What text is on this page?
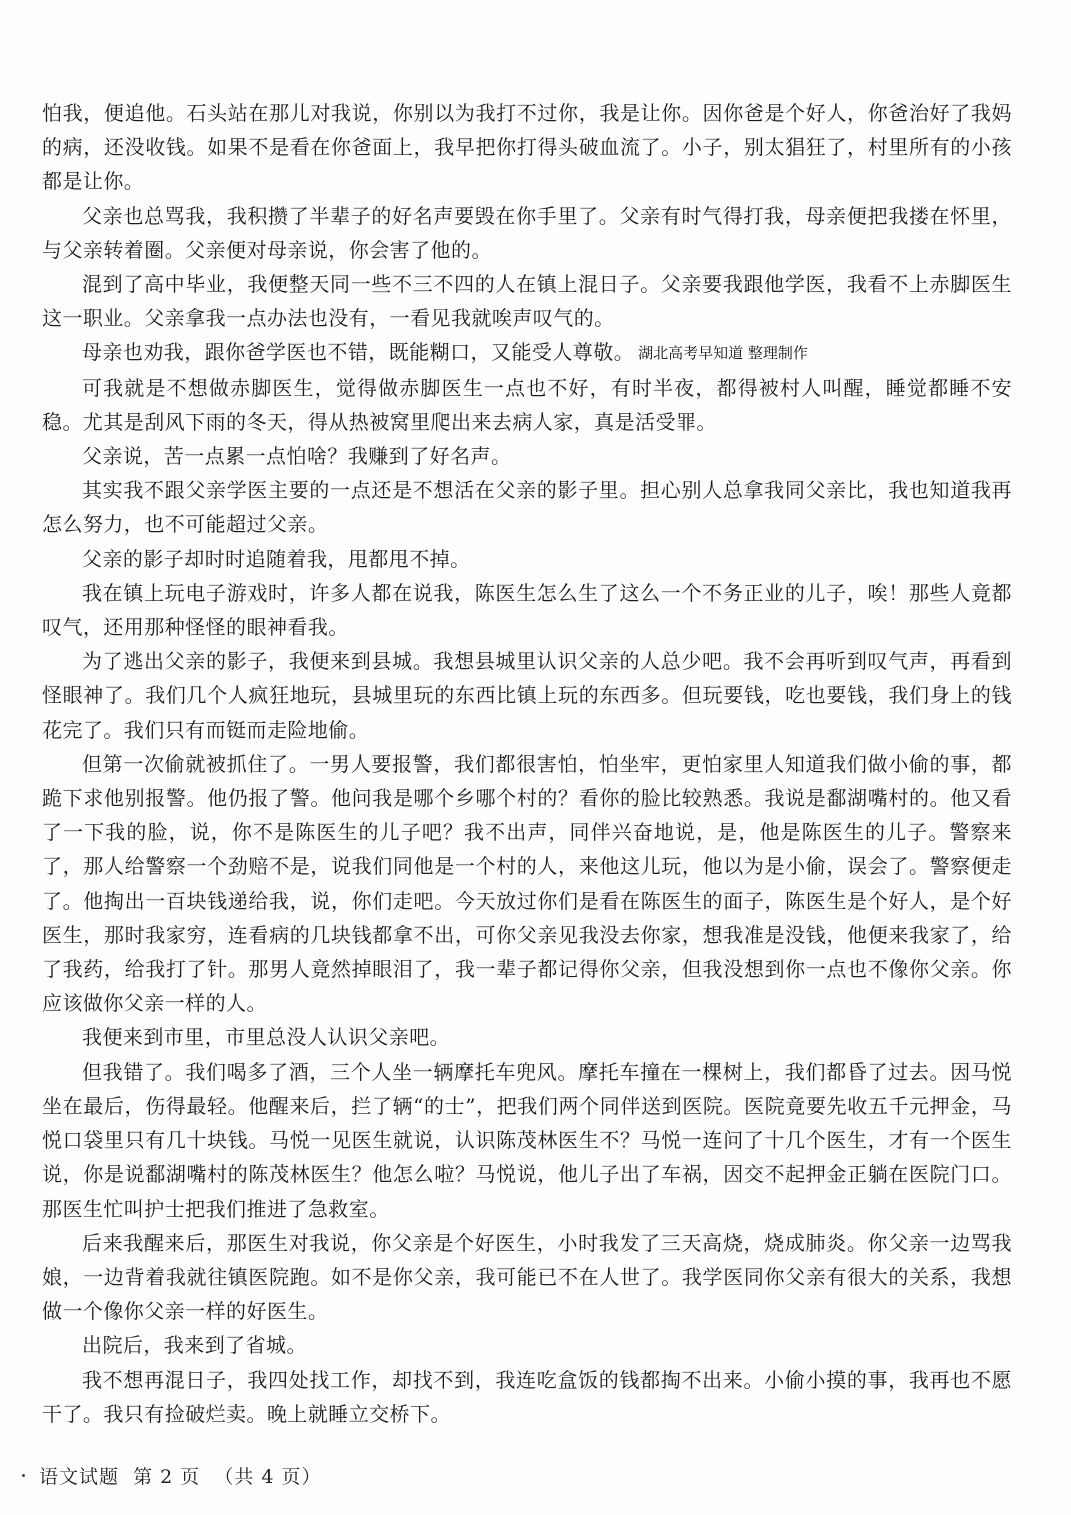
怕我，便追他。石头站在那儿对我说，你别以为我打不过你，我是让你。因你爸是个好人，你爸治好了我妈的病，还没收钱。如果不是看在你爸面上，我早把你打得头破血流了。小子，别太猖狂了，村里所有的小孩都是让你。

父亲也总骂我，我积攒了半辈子的好名声要毁在你手里了。父亲有时气得打我，母亲便把我搂在怀里，与父亲转着圈。父亲便对母亲说，你会害了他的。

混到了高中毕业，我便整天同一些不三不四的人在镇上混日子。父亲要我跟他学医，我看不上赤脚医生这一职业。父亲拿我一点办法也没有，一看见我就唉声叹气的。

母亲也劝我，跟你爸学医也不错，既能糊口，又能受人尊敬。 湖北高考早知道 整理制作

可我就是不想做赤脚医生，觉得做赤脚医生一点也不好，有时半夜，都得被村人叫醒，睡觉都睡不安稳。尤其是刮风下雨的冬天，得从热被窝里爬出来去病人家，真是活受罪。

父亲说，苦一点累一点怕啥？我赚到了好名声。

其实我不跟父亲学医主要的一点还是不想活在父亲的影子里。担心别人总拿我同父亲比，我也知道我再怎么努力，也不可能超过父亲。

父亲的影子却时时追随着我，甩都甩不掉。

我在镇上玩电子游戏时，许多人都在说我，陈医生怎么生了这么一个不务正业的儿子，唉！那些人竟都叹气，还用那种怪怪的眼神看我。

为了逃出父亲的影子，我便来到县城。我想县城里认识父亲的人总少吧。我不会再听到叹气声，再看到怪眼神了。我们几个人疯狂地玩，县城里玩的东西比镇上玩的东西多。但玩要钱，吃也要钱，我们身上的钱花完了。我们只有而铤而走险地偷。

但第一次偷就被抓住了。一男人要报警，我们都很害怕，怕坐牢，更怕家里人知道我们做小偷的事，都跪下求他别报警。他仍报了警。他问我是哪个乡哪个村的？看你的脸比较熟悉。我说是鄱湖嘴村的。他又看了一下我的脸，说，你不是陈医生的儿子吧？我不出声，同伴兴奋地说，是，他是陈医生的儿子。警察来了，那人给警察一个劲赔不是，说我们同他是一个村的人，来他这儿玩，他以为是小偷，误会了。警察便走了。他掏出一百块钱递给我，说，你们走吧。今天放过你们是看在陈医生的面子，陈医生是个好人，是个好医生，那时我家穷，连看病的几块钱都拿不出，可你父亲见我没去你家，想我准是没钱，他便来我家了，给了我药，给我打了针。那男人竟然掉眼泪了，我一辈子都记得你父亲，但我没想到你一点也不像你父亲。你应该做你父亲一样的人。

我便来到市里，市里总没人认识父亲吧。

但我错了。我们喝多了酒，三个人坐一辆摩托车兜风。摩托车撞在一棵树上，我们都昏了过去。因马悦坐在最后，伤得最轻。他醒来后，拦了辆“的士”，把我们两个同伴送到医院。医院竟要先收五千元押金，马悦口袋里只有几十块钱。马悦一见医生就说，认识陈茂林医生不？马悦一连问了十几个医生，才有一个医生说，你是说鄱湖嘴村的陈茂林医生？他怎么啦？马悦说，他儿子出了车祸，因交不起押金正躺在医院门口。那医生忙叫护士把我们推进了急救室。

后来我醒来后，那医生对我说，你父亲是个好医生，小时我发了三天高烧，烧成肺炎。你父亲一边骂我娘，一边背着我就往镇医院跑。如不是你父亲，我可能已不在人世了。我学医同你父亲有很大的关系，我想做一个像你父亲一样的好医生。

出院后，我来到了省城。

我不想再混日子，我四处找工作，却找不到，我连吃盒饭的钱都掏不出来。小偷小摸的事，我再也不愿干了。我只有捡破烂卖。晚上就睡立交桥下。

语文试题  第 2 页  （共 4 页）
